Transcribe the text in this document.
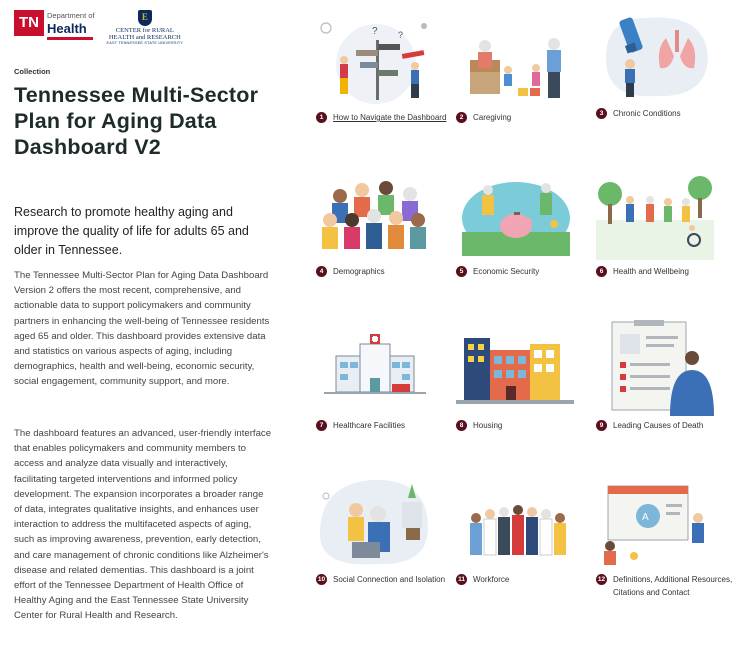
TN	Department of
Health
E
CENTER for RURAL
HEALTH and RESEARCH
EAST TENNESSEE STATE UNIVERSITY
Collection
Tennessee Multi-Sector Plan for Aging Data Dashboard V2

Research to promote healthy aging and improve the quality of life for adults 65 and older in Tennessee.

The Tennessee Multi-Sector Plan for Aging Data Dashboard Version 2 offers the most recent, comprehensive, and actionable data to support policymakers and community partners in enhancing the well-being of Tennessee residents aged 65 and older. This dashboard provides extensive data and statistics on various aspects of aging, including demographics, health and well-being, economic security, social engagement, community support, and more.

The dashboard features an advanced, user-friendly interface that enables policymakers and community members to access and analyze data visually and interactively, facilitating targeted interventions and informed policy development. The expansion incorporates a broader range of data, integrates qualitative insights, and enhances user interaction to address the multifaceted aspects of aging, such as improving awareness, prevention, early detection, and care management of chronic conditions like Alzheimer's disease and related dementias. This dashboard is a joint effort of the Tennessee Department of Health Office of Healthy Aging and the East Tennessee State University Center for Rural Health and Research.

? ?
1	How to Navigate the Dashboard	2	Caregiving	3	Chronic Conditions
4	Demographics	5	Economic Security	6	Health and Wellbeing
7	Healthcare Facilities	8	Housing	9	Leading Causes of Death
10 Social Connection and Isolation	11 Workforce
A
12 Definitions, Additional Resources, Citations and Contact
